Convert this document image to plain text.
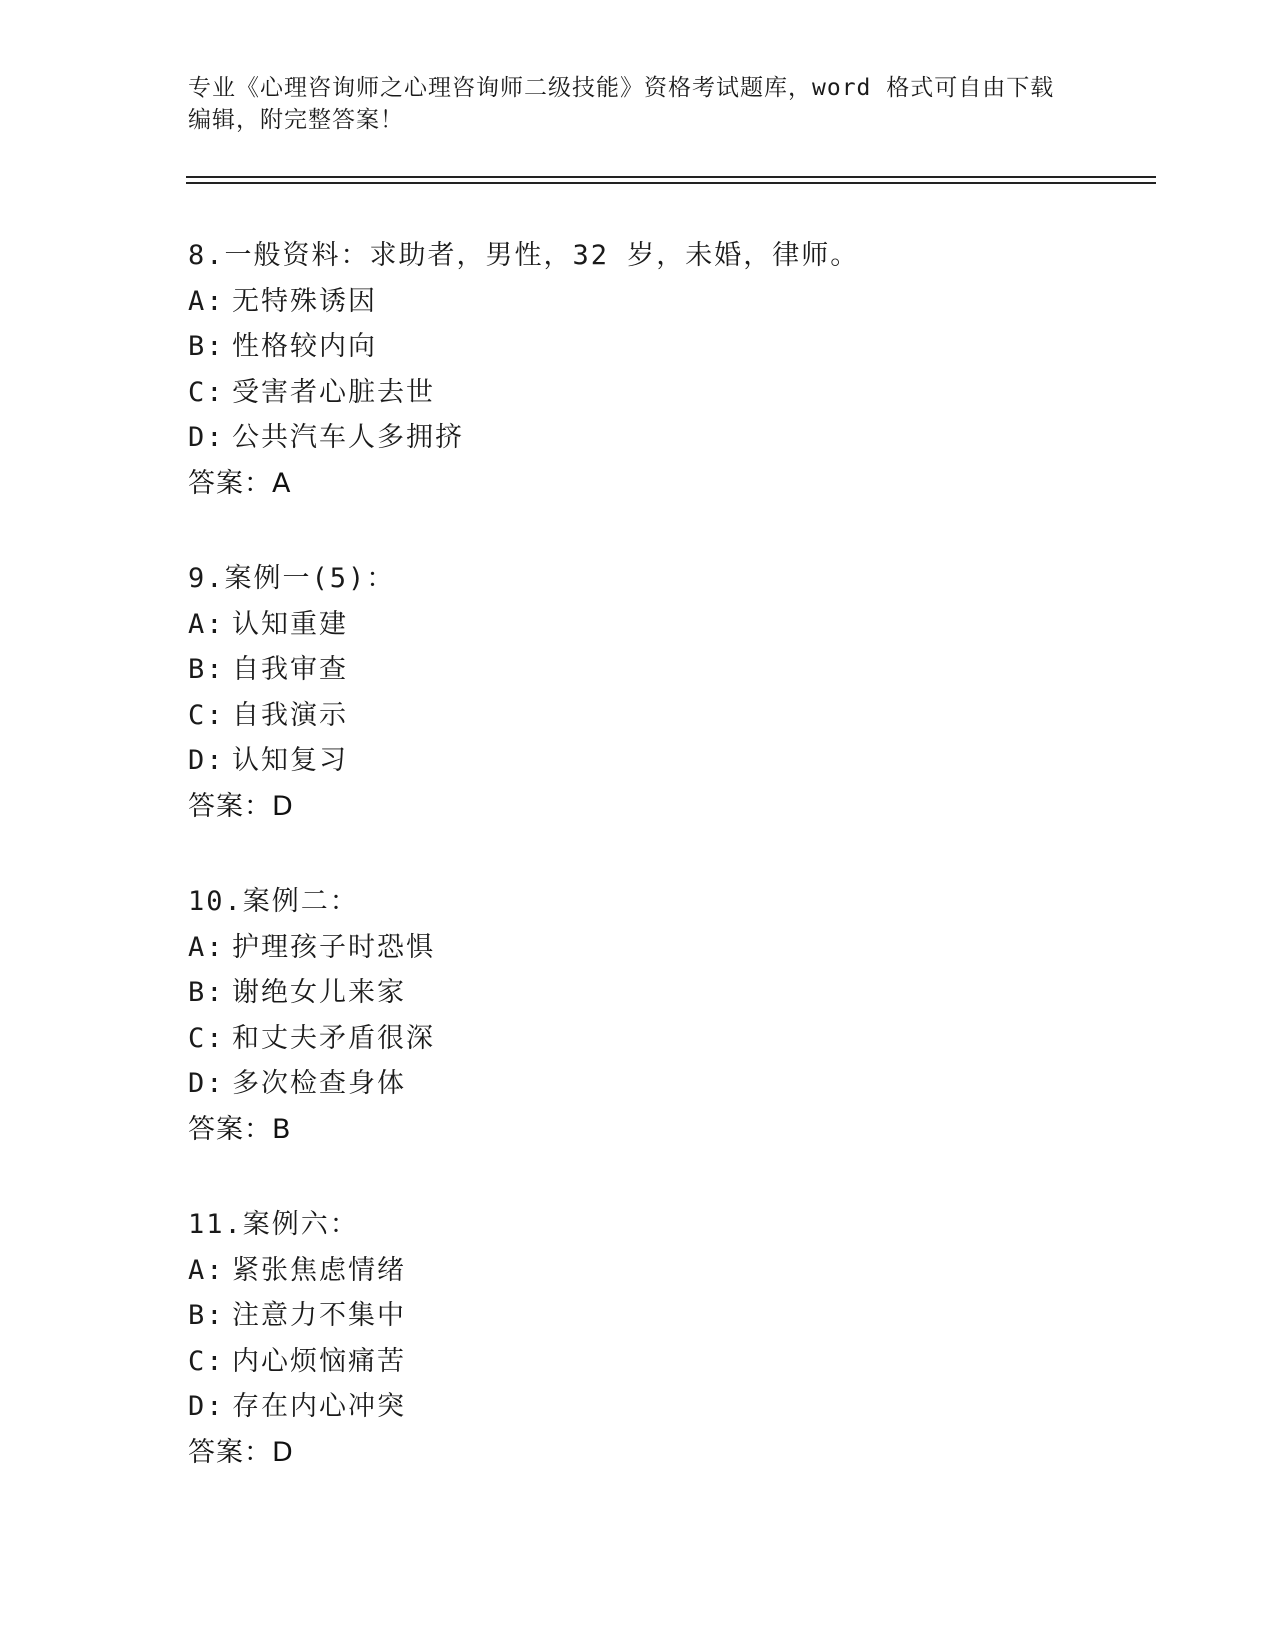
专业《心理咨询师之心理咨询师二级技能》资格考试题库，word 格式可自由下载
编辑，附完整答案！
8.一般资料：求助者，男性，32 岁，未婚，律师。
A: 无特殊诱因
B: 性格较内向
C: 受害者心脏去世
D: 公共汽车人多拥挤
答案：A
9.案例一(5)：
A: 认知重建
B: 自我审查
C: 自我演示
D: 认知复习
答案：D
10.案例二：
A: 护理孩子时恐惧
B: 谢绝女儿来家
C: 和丈夫矛盾很深
D: 多次检查身体
答案：B
11.案例六：
A: 紧张焦虑情绪
B: 注意力不集中
C: 内心烦恼痛苦
D: 存在内心冲突
答案：D
